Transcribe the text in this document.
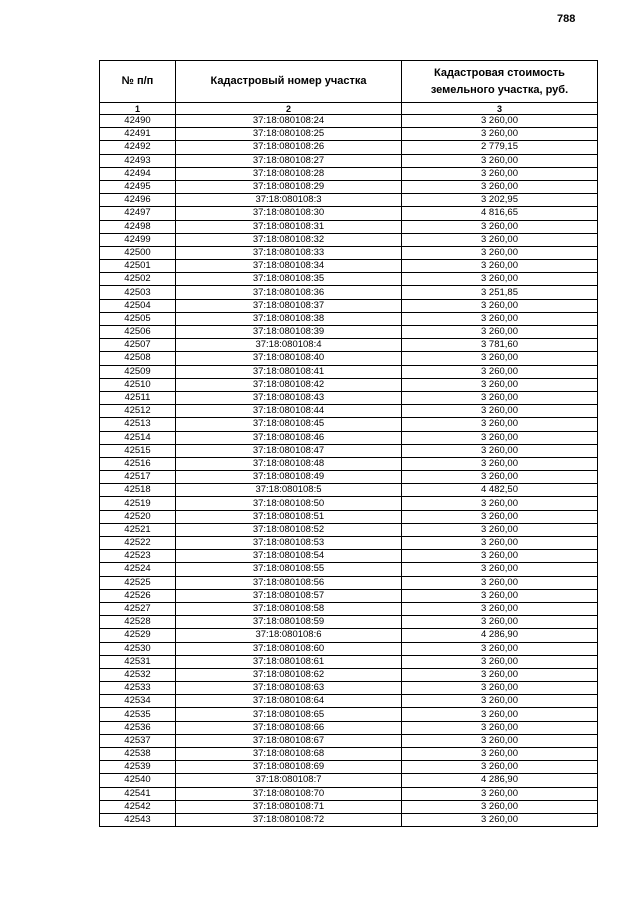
788
№ п/п	Кадастровый номер участка	Кадастровая стоимость земельного участка, руб.
1	2	3
42490	37:18:080108:24	3 260,00
42491	37:18:080108:25	3 260,00
42492	37:18:080108:26	2 779,15
42493	37:18:080108:27	3 260,00
42494	37:18:080108:28	3 260,00
42495	37:18:080108:29	3 260,00
42496	37:18:080108:3	3 202,95
42497	37:18:080108:30	4 816,65
42498	37:18:080108:31	3 260,00
42499	37:18:080108:32	3 260,00
42500	37:18:080108:33	3 260,00
42501	37:18:080108:34	3 260,00
42502	37:18:080108:35	3 260,00
42503	37:18:080108:36	3 251,85
42504	37:18:080108:37	3 260,00
42505	37:18:080108:38	3 260,00
42506	37:18:080108:39	3 260,00
42507	37:18:080108:4	3 781,60
42508	37:18:080108:40	3 260,00
42509	37:18:080108:41	3 260,00
42510	37:18:080108:42	3 260,00
42511	37:18:080108:43	3 260,00
42512	37:18:080108:44	3 260,00
42513	37:18:080108:45	3 260,00
42514	37:18:080108:46	3 260,00
42515	37:18:080108:47	3 260,00
42516	37:18:080108:48	3 260,00
42517	37:18:080108:49	3 260,00
42518	37:18:080108:5	4 482,50
42519	37:18:080108:50	3 260,00
42520	37:18:080108:51	3 260,00
42521	37:18:080108:52	3 260,00
42522	37:18:080108:53	3 260,00
42523	37:18:080108:54	3 260,00
42524	37:18:080108:55	3 260,00
42525	37:18:080108:56	3 260,00
42526	37:18:080108:57	3 260,00
42527	37:18:080108:58	3 260,00
42528	37:18:080108:59	3 260,00
42529	37:18:080108:6	4 286,90
42530	37:18:080108:60	3 260,00
42531	37:18:080108:61	3 260,00
42532	37:18:080108:62	3 260,00
42533	37:18:080108:63	3 260,00
42534	37:18:080108:64	3 260,00
42535	37:18:080108:65	3 260,00
42536	37:18:080108:66	3 260,00
42537	37:18:080108:67	3 260,00
42538	37:18:080108:68	3 260,00
42539	37:18:080108:69	3 260,00
42540	37:18:080108:7	4 286,90
42541	37:18:080108:70	3 260,00
42542	37:18:080108:71	3 260,00
42543	37:18:080108:72	3 260,00
